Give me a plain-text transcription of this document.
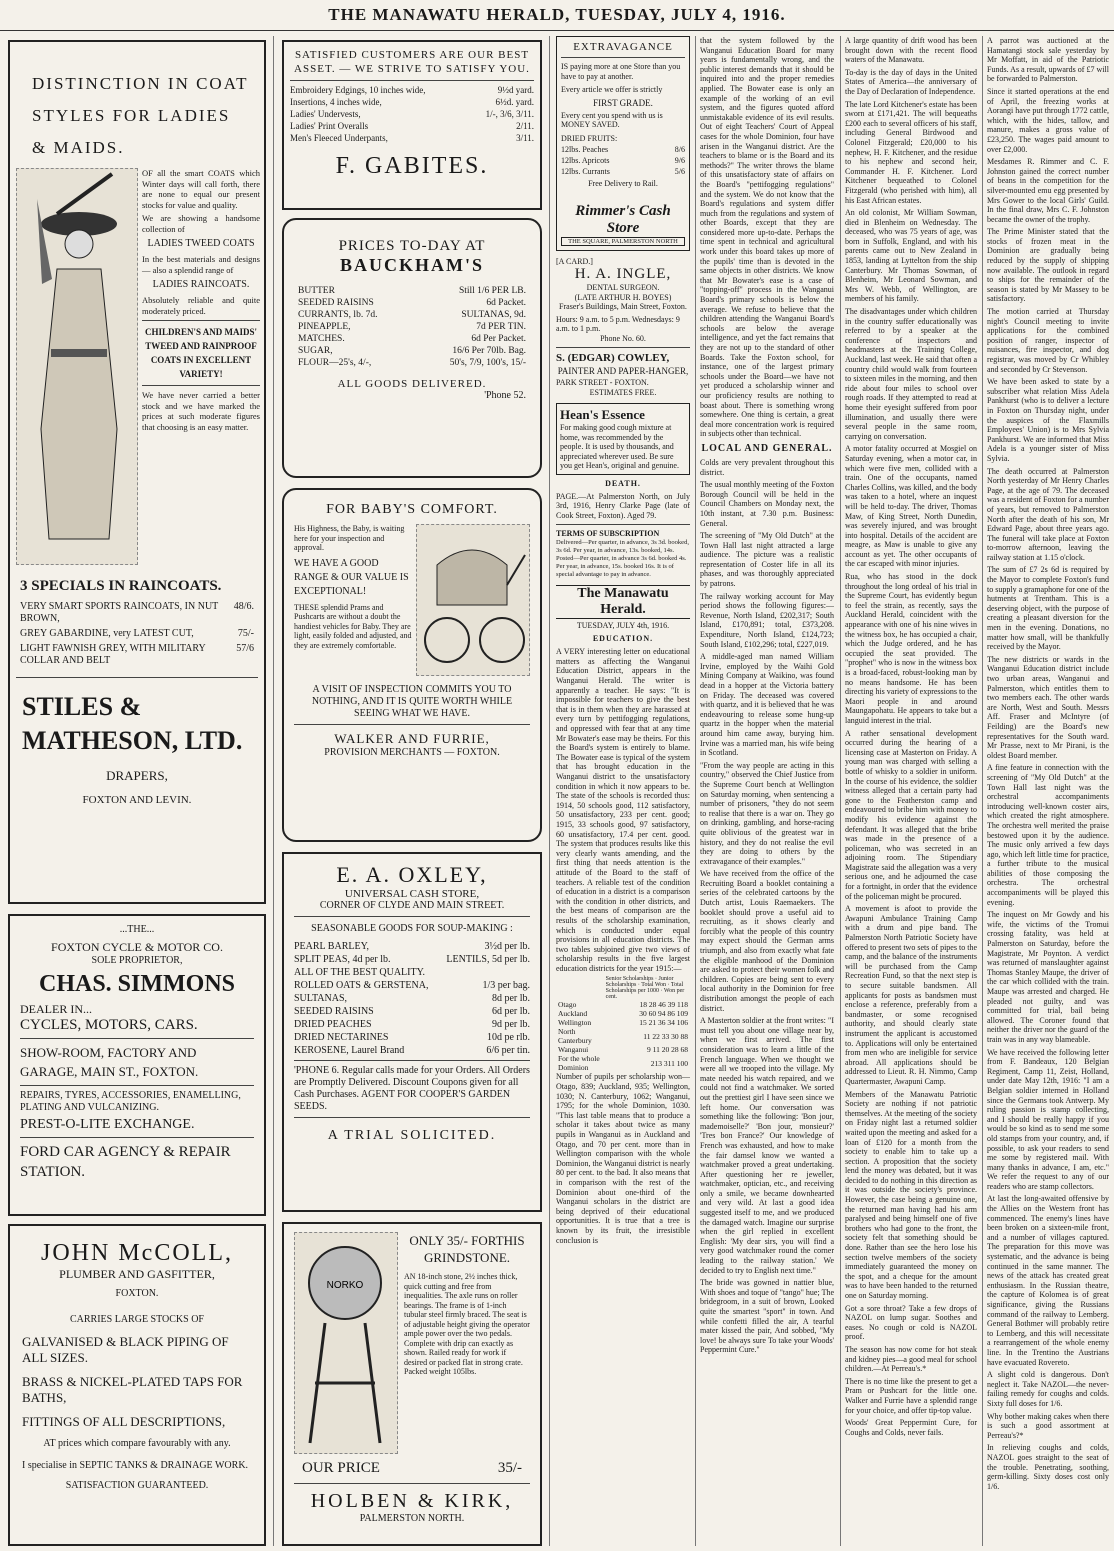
THE MANAWATU HERALD, TUESDAY, JULY 4, 1916.
DISTINCTION IN COAT STYLES FOR LADIES & MAIDS.
OF all the smart COATS which Winter days will call forth, there are none to equal our present stocks for value and quality.
We are showing a handsome collection of
LADIES TWEED COATS
In the best materials and designs — also a splendid range of
LADIES RAINCOATS.
Absolutely reliable and quite moderately priced.
CHILDREN'S AND MAIDS' TWEED AND RAINPROOF COATS IN EXCELLENT VARIETY!
We have never carried a better stock and we have marked the prices at such moderate figures that choosing is an easy matter.
3 SPECIALS IN RAINCOATS.
VERY SMART SPORTS RAINCOATS, IN NUT BROWN,
48/6.
GREY GABARDINE, very LATEST CUT,	75/-
LIGHT FAWNISH GREY, WITH MILITARY COLLAR AND BELT
57/6
STILES & MATHESON, LTD.
DRAPERS,
FOXTON AND LEVIN.
...THE...
FOXTON CYCLE & MOTOR CO.
SOLE PROPRIETOR,
CHAS. SIMMONS
DEALER IN...
CYCLES, MOTORS, CARS.
SHOW-ROOM, FACTORY AND GARAGE, MAIN ST., FOXTON.
REPAIRS, TYRES, ACCESSORIES, ENAMELLING, PLATING AND VULCANIZING.
PREST-O-LITE EXCHANGE.
FORD CAR AGENCY & REPAIR STATION.
JOHN McCOLL,
PLUMBER AND GASFITTER,
FOXTON.
CARRIES LARGE STOCKS OF
GALVANISED & BLACK PIPING OF ALL SIZES.
BRASS & NICKEL-PLATED TAPS FOR BATHS,
FITTINGS OF ALL DESCRIPTIONS,
AT prices which compare favourably with any.
I specialise in SEPTIC TANKS & DRAINAGE WORK.
SATISFACTION GUARANTEED.
SATISFIED CUSTOMERS ARE OUR BEST ASSET. — WE STRIVE TO SATISFY YOU.
Embroidery Edgings, 10 inches wide,	9½d yard.
Insertions, 4 inches wide,	6½d. yard.
Ladies' Undervests,	1/-, 3/6, 3/11.
Ladies' Print Overalls	2/11.
Men's Fleeced Underpants,	3/11.
F. GABITES.
PRICES TO-DAY AT
BAUCKHAM'S
BUTTER	Still 1/6 PER LB.
SEEDED RAISINS	6d Packet.
CURRANTS, lb. 7d.	SULTANAS, 9d.
PINEAPPLE,	7d PER TIN.
MATCHES.	6d Per Packet.
SUGAR,	16/6 Per 70lb. Bag.
FLOUR—25's, 4/-,	50's, 7/9, 100's, 15/-
ALL GOODS DELIVERED.
'Phone 52.
FOR BABY'S COMFORT.
His Highness, the Baby, is waiting here for your inspection and approval.
WE HAVE A GOOD RANGE & OUR VALUE IS EXCEPTIONAL!
THESE splendid Prams and Pushcarts are without a doubt the handiest vehicles for Baby. They are light, easily folded and adjusted, and they are extremely comfortable.
A VISIT OF INSPECTION COMMITS YOU TO NOTHING, AND IT IS QUITE WORTH WHILE SEEING WHAT WE HAVE.
WALKER AND FURRIE,
PROVISION MERCHANTS — FOXTON.
E. A. OXLEY,
UNIVERSAL CASH STORE,
CORNER OF CLYDE AND MAIN STREET.
SEASONABLE GOODS FOR SOUP-MAKING :
PEARL BARLEY,	3½d per lb.
SPLIT PEAS, 4d per lb.	LENTILS, 5d per lb.
ALL OF THE BEST QUALITY.
ROLLED OATS & GERSTENA,	1/3 per bag.
SULTANAS,	8d per lb.
SEEDED RAISINS	6d per lb.
DRIED PEACHES	9d per lb.
DRIED NECTARINES	10d pe rlb.
KEROSENE, Laurel Brand	6/6 per tin.
'PHONE 6. Regular calls made for your Orders. All Orders are Promptly Delivered. Discount Coupons given for all Cash Purchases. AGENT FOR COOPER'S GARDEN SEEDS.
A TRIAL SOLICITED.
NORKO
ONLY 35/- FORTHIS GRINDSTONE.
AN 18-inch stone, 2½ inches thick, quick cutting and free from inequalities. The axle runs on roller bearings. The frame is of 1-inch tubular steel firmly braced. The seat is of adjustable height giving the operator ample power over the two pedals. Complete with drip can exactly as shown. Railed ready for work if desired or packed flat in strong crate. Packed weight 105lbs.
OUR PRICE	35/-
HOLBEN & KIRK,
PALMERSTON NORTH.
EXTRAVAGANCE
IS paying more at one Store than you have to pay at another.
Every article we offer is strictly
FIRST GRADE.
Every cent you spend with us is MONEY SAVED.
DRIED FRUITS:
12lbs. Peaches	8/6
12lbs. Apricots	9/6
12lbs. Currants	5/6
Free Delivery to Rail.
Rimmer's Cash Store
THE SQUARE, PALMERSTON NORTH
[A CARD.]
H. A. INGLE,
DENTAL SURGEON.
(LATE ARTHUR H. BOYES)
Fraser's Buildings, Main Street, Foxton.
Hours: 9 a.m. to 5 p.m. Wednesdays: 9 a.m. to 1 p.m.
Phone No. 60.
S. (EDGAR) COWLEY,
PAINTER AND PAPER-HANGER,
PARK STREET - FOXTON.
ESTIMATES FREE.
Hean's Essence
For making good cough mixture at home, was recommended by the people. It is used by thousands, and appreciated wherever used. Be sure you get Hean's, original and genuine.
DEATH.
PAGE.—At Palmerston North, on July 3rd, 1916, Henry Clarke Page (late of Cook Street, Foxton). Aged 79.
TERMS OF SUBSCRIPTION
Delivered—Per quarter, in advance, 3s 3d. booked, 3s 6d. Per year, in advance, 13s. booked, 14s. Posted—Per quarter, in advance 3s 6d. booked 4s. Per year, in advance, 15s. booked 16s. It is of special advantage to pay in advance.
The Manawatu Herald.
TUESDAY, JULY 4th, 1916.
EDUCATION.
A VERY interesting letter on educational matters as affecting the Wanganui Education District, appears in the Wanganui Herald. The writer is apparently a teacher. He says: "It is impossible for teachers to give the best that is in them when they are harassed at every turn by pettifogging regulations, and oppressed with fear that at any time Mr Bowater's ease may be theirs. For this the Board's system is entirely to blame. The Bowater ease is typical of the system that has brought education in the Wanganui district to the unsatisfactory condition in which it now appears to be. The state of the schools is recorded thus: 1914, 50 schools good, 112 satisfactory, 50 unsatisfactory, 233 per cent. good; 1915, 33 schools good, 97 satisfactory, 60 unsatisfactory, 17.4 per cent. good. The system that produces results like this very clearly wants amending, and the first thing that needs attention is the attitude of the Board to the staff of teachers. A reliable test of the condition of education in a district is a comparison with the condition in other districts, and the best means of comparison are the results of the scholarship examination, which is conducted under equal provisions in all education districts. The two tables subjoined give two views of scholarship results in the five largest education districts for the year 1915:—
	Senior Scholarships · Junior Scholarships · Total Won · Total Scholarships per 1000 · Won per cent.
Otago	18 28 46 39 118
Auckland	30 60 94 86 109
Wellington	15 21 36 34 106
North Canterbury	11 22 33 30 88
Wanganui	9 11 20 28 68
For the whole Dominion	213 311 100
Number of pupils per scholarship won—Otago, 839; Auckland, 935; Wellington, 1030; N. Canterbury, 1062; Wanganui, 1795; for the whole Dominion, 1030. "This last table means that to produce a scholar it takes about twice as many pupils in Wanganui as in Auckland and Otago, and 70 per cent. more than in Wellington comparison with the whole Dominion, the Wanganui district is nearly 80 per cent. to the bad. It also means that in comparison with the rest of the Dominion about one-third of the Wanganui scholars in the district are being deprived of their educational opportunities. It is true that a tree is known by its fruit, the irresistible conclusion is
that the system followed by the Wanganui Education Board for many years is fundamentally wrong, and the public interest demands that it should be inquired into and the proper remedies applied. The Bowater ease is only an example of the working of an evil system, and the figures quoted afford unmistakable evidence of its evil results. Out of eight Teachers' Court of Appeal cases for the whole Dominion, four have arisen in the Wanganui district. Are the teachers to blame or is the Board and its methods?" The writer throws the blame of this unsatisfactory state of affairs on the Board's "pettifogging regulations" and the system. We do not know that the Board's regulations and system differ much from the regulations and system of other Boards, except that they are considered more up-to-date. Perhaps the time spent in technical and agricultural work under this board takes up more of the pupils' time than is devoted in the same objects in other districts. We know that Mr Bowater's ease is a case of "topping-off" process in the Wanganui Board's primary schools is below the average. We refuse to believe that the children attending the Wanganui Board's schools are below the average intelligence, and yet the fact remains that they are not up to the standard of other Boards. Take the Foxton school, for instance, one of the largest primary schools under the Board—we have not yet produced a scholarship winner and our proficiency results are nothing to boast about. There is something wrong somewhere. One thing is certain, a great deal more concentration work is required in subjects other than technical.
LOCAL AND GENERAL.
Colds are very prevalent throughout this district.
The usual monthly meeting of the Foxton Borough Council will be held in the Council Chambers on Monday next, the 10th instant, at 7.30 p.m. Business: General.
The screening of "My Old Dutch" at the Town Hall last night attracted a large audience. The picture was a realistic representation of Coster life in all its phases, and was thoroughly appreciated by patrons.
The railway working account for May period shows the following figures:—Revenue, North Island, £202,317; South Island, £170,891; total, £373,208. Expenditure, North Island, £124,723; South Island, £102,296; total, £227,019.
A middle-aged man named William Irvine, employed by the Waihi Gold Mining Company at Waikino, was found dead in a hopper at the Victoria battery on Friday. The deceased was covered with quartz, and it is believed that he was endeavouring to release some hung-up quartz in the hopper when the material around him came away, burying him. Irvine was a married man, his wife being in Scotland.
"From the way people are acting in this country," observed the Chief Justice from the Supreme Court bench at Wellington on Saturday morning, when sentencing a number of prisoners, "they do not seem to realise that there is a war on. They go on drinking, gambling, and horse-racing quite oblivious of the greatest war in history, and they do not realise the evil they are doing to others by the extravagance of their examples."
We have received from the office of the Recruiting Board a booklet containing a series of the celebrated cartoons by the Dutch artist, Louis Raemaekers. The booklet should prove a useful aid to recruiting, as it shows clearly and forcibly what the people of this country may expect should the German arms triumph, and also from exactly what fate the eligible manhood of the Dominion are asked to protect their women folk and children. Copies are being sent to every local authority in the Dominion for free distribution amongst the people of each district.
A Masterton soldier at the front writes: "I must tell you about one village near by, when we first arrived. The first consideration was to learn a little of the French language. When we thought we were all we trooped into the village. My mate needed his watch repaired, and we could not find a watchmaker. We sorted out the prettiest girl I have seen since we left home. Our conversation was something like the following: 'Bon jour, mademoiselle?' 'Bon jour, monsieur?' 'Tres bon France?' Our knowledge of French was exhausted, and how to make the fair damsel know we wanted a watchmaker proved a great undertaking. After questioning her re jeweller, watchmaker, optician, etc., and receiving only a smile, we became downhearted and very wild. At last a good idea suggested itself to me, and we produced the damaged watch. Imagine our surprise when the girl replied in excellent English: 'My dear sirs, you will find a very good watchmaker round the corner leading to the railway station.' We decided to try to English next time."
The bride was gowned in nattier blue, With shoes and toque of "tango" hue; The bridegroom, in a suit of brown, Looked quite the smartest "sport" in town. And while confetti filled the air, A tearful mater kissed the pair, And sobbed, "My love! be always sure To take your Woods' Peppermint Cure."
A large quantity of drift wood has been brought down with the recent flood waters of the Manawatu.
To-day is the day of days in the United States of America—the anniversary of the Day of Declaration of Independence.
The late Lord Kitchener's estate has been sworn at £171,421. The will bequeaths £200 each to several officers of his staff, including General Birdwood and Colonel Fitzgerald; £20,000 to his nephew, H. F. Kitchener, and the residue to his nephew and second heir, Commander H. F. Kitchener. Lord Kitchener bequeathed to Colonel Fitzgerald (who perished with him), all his East African estates.
An old colonist, Mr William Sowman, died in Blenheim on Wednesday. The deceased, who was 75 years of age, was born in Suffolk, England, and with his parents came out to New Zealand in 1853, landing at Lyttelton from the ship Canterbury. Mr Thomas Sowman, of Blenheim, Mr Leonard Sowman, and Mrs W. Webb, of Wellington, are members of his family.
The disadvantages under which children in the country suffer educationally was referred to by a speaker at the conference of inspectors and headmasters at the Training College, Auckland, last week. He said that often a country child would walk from fourteen to sixteen miles in the morning, and then ride about four miles to school over rough roads. If they attempted to read at home their eyesight suffered from poor illumination, and usually there were several people in the same room, carrying on conversation.
A motor fatality occurred at Mosgiel on Saturday evening, when a motor car, in which were five men, collided with a train. One of the occupants, named Charles Collins, was killed, and the body was taken to a hotel, where an inquest will be held to-day. The driver, Thomas Maw, of King Street, North Dunedin, was severely injured, and was brought into hospital. Details of the accident are meagre, as Maw is unable to give any account as yet. The other occupants of the car escaped with minor injuries.
Rua, who has stood in the dock throughout the long ordeal of his trial in the Supreme Court, has evidently begun to feel the strain, as recently, says the Auckland Herald, coincident with the appearance with one of his nine wives in the witness box, he has occupied a chair, which the Judge ordered, and he has occupied the seat provided. The "prophet" who is now in the witness box is a broad-faced, robust-looking man by no means handsome. He has been directing his variety of expressions to the Maori people in and around Maungapohatu. He appears to take but a languid interest in the trial.
A rather sensational development occurred during the hearing of a licensing case at Masterton on Friday. A young man was charged with selling a bottle of whisky to a soldier in uniform. In the course of his evidence, the soldier witness alleged that a certain party had gone to the Featherston camp and endeavoured to bribe him with money to modify his evidence against the defendant. It was alleged that the bribe was made in the presence of a policeman, who was secreted in an adjoining room. The Stipendiary Magistrate said the allegation was a very serious one, and he adjourned the case for a fortnight, in order that the evidence of the policeman might be procured.
A movement is afoot to provide the Awapuni Ambulance Training Camp with a drum and pipe band. The Palmerston North Patriotic Society have offered to present two sets of pipes to the camp, and the balance of the instruments will be purchased from the Camp Recreation Fund, so that the next step is to secure suitable bandsmen. All applicants for posts as bandsmen must enclose a reference, preferably from a bandmaster, or some recognised authority, and should clearly state instrument the applicant is accustomed to. Applications will only be entertained from men who are ineligible for service abroad. All applications should be addressed to Lieut. R. H. Nimmo, Camp Quartermaster, Awapuni Camp.
Members of the Manawatu Patriotic Society are nothing if not patriotic themselves. At the meeting of the society on Friday night last a returned soldier waited upon the meeting and asked for a loan of £120 for a month from the society to enable him to take up a section. A proposition that the society lend the money was debated, but it was decided to do nothing in this direction as it was outside the society's province. However, the case being a genuine one, the returned man having had his arm paralysed and being himself one of five brothers who had gone to the front, the society felt that something should be done. Rather than see the hero lose his section twelve members of the society immediately guaranteed the money on the spot, and a cheque for the amount was to have been handed to the returned one on Saturday morning.
Got a sore throat? Take a few drops of NAZOL on lump sugar. Soothes and eases. No cough or cold is NAZOL proof.
The season has now come for hot steak and kidney pies—a good meal for school children.—At Perreau's.*
There is no time like the present to get a Pram or Pushcart for the little one. Walker and Furrie have a splendid range for your choice, and offer tip-top value.
Woods' Great Peppermint Cure, for Coughs and Colds, never fails.
A parrot was auctioned at the Hamatangi stock sale yesterday by Mr Moffatt, in aid of the Patriotic Funds. As a result, upwards of £7 will be forwarded to Palmerston.
Since it started operations at the end of April, the freezing works at Aorangi have put through 1772 cattle, which, with the hides, tallow, and manure, makes a gross value of £23,250. The wages paid amount to over £2,000.
Mesdames R. Rimmer and C. F. Johnston gained the correct number of beans in the competition for the silver-mounted emu egg presented by Mrs Gower to the local Girls' Guild. In the final draw, Mrs C. F. Johnston became the owner of the trophy.
The Prime Minister stated that the stocks of frozen meat in the Dominion are gradually being reduced by the supply of shipping now available. The outlook in regard to ships for the remainder of the season is stated by Mr Massey to be satisfactory.
The motion carried at Thursday night's Council meeting to invite applications for the combined position of ranger, inspector of nuisances, fire inspector, and dog registrar, was moved by Cr Whibley and seconded by Cr Stevenson.
We have been asked to state by a subscriber what relation Miss Adela Pankhurst (who is to deliver a lecture in Foxton on Thursday night, under the auspices of the Flaxmills Employees' Union) is to Mrs Sylvia Pankhurst. We are informed that Miss Adela is a younger sister of Miss Sylvia.
The death occurred at Palmerston North yesterday of Mr Henry Charles Page, at the age of 79. The deceased was a resident of Foxton for a number of years, but removed to Palmerston North after the death of his son, Mr Edward Page, about three years ago. The funeral will take place at Foxton to-morrow afternoon, leaving the railway station at 1.15 o'clock.
The sum of £7 2s 6d is required by the Mayor to complete Foxton's fund to supply a gramaphone for one of the hutments at Trentham. This is a deserving object, with the purpose of creating a pleasant diversion for the men in the evening. Donations, no matter how small, will be thankfully received by the Mayor.
The new districts or wards in the Wanganui Education district include two urban areas, Wanganui and Palmerston, which entitles them to two members each. The other wards are North, West and South. Messrs Aff. Fraser and McIntyre (of Feilding) are the Board's new representatives for the South ward. Mr Prasse, next to Mr Pirani, is the oldest Board member.
A fine feature in connection with the screening of "My Old Dutch" at the Town Hall last night was the orchestral accompaniments introducing well-known coster airs, which created the right atmosphere. The orchestra well merited the praise bestowed upon it by the audience. The music only arrived a few days ago, which left little time for practice, a further tribute to the musical abilities of those composing the orchestra. The orchestral accompaniments will be played this evening.
The inquest on Mr Gowdy and his wife, the victims of the Tromui crossing fatality, was held at Palmerston on Saturday, before the Magistrate, Mr Poynton. A verdict was returned of manslaughter against Thomas Stanley Maupe, the driver of the car which collided with the train. Maupe was arrested and charged. He pleaded not guilty, and was committed for trial, bail being allowed. The Coroner found that neither the driver nor the guard of the train was in any way blameable.
We have received the following letter from F. Bandeaux, 120 Belgian Regiment, Camp 11, Zeist, Holland, under date May 12th, 1916: "I am a Belgian soldier interned in Holland since the Germans took Antwerp. My ruling passion is stamp collecting, and I should be really happy if you would be so kind as to send me some old stamps from your country, and, if possible, to ask your readers to send me some by registered mail. With many thanks in advance, I am, etc." We refer the request to any of our readers who are stamp collectors.
At last the long-awaited offensive by the Allies on the Western front has commenced. The enemy's lines have been broken on a sixteen-mile front, and a number of villages captured. The preparation for this move was systematic, and the advance is being continued in the same manner. The news of the attack has created great enthusiasm. In the Russian theatre, the capture of Kolomea is of great significance, giving the Russians command of the railway to Lemberg. General Bothmer will probably retire to Lemberg, and this will necessitate a rearrangement of the whole enemy line. In the Trentino the Austrians have evacuated Rovereto.
A slight cold is dangerous. Don't neglect it. Take NAZOL—the never-failing remedy for coughs and colds. Sixty full doses for 1/6.
Why bother making cakes when there is such a good assortment at Perreau's?*
In relieving coughs and colds, NAZOL goes straight to the seat of the trouble. Penetrating, soothing, germ-killing. Sixty doses cost only 1/6.
